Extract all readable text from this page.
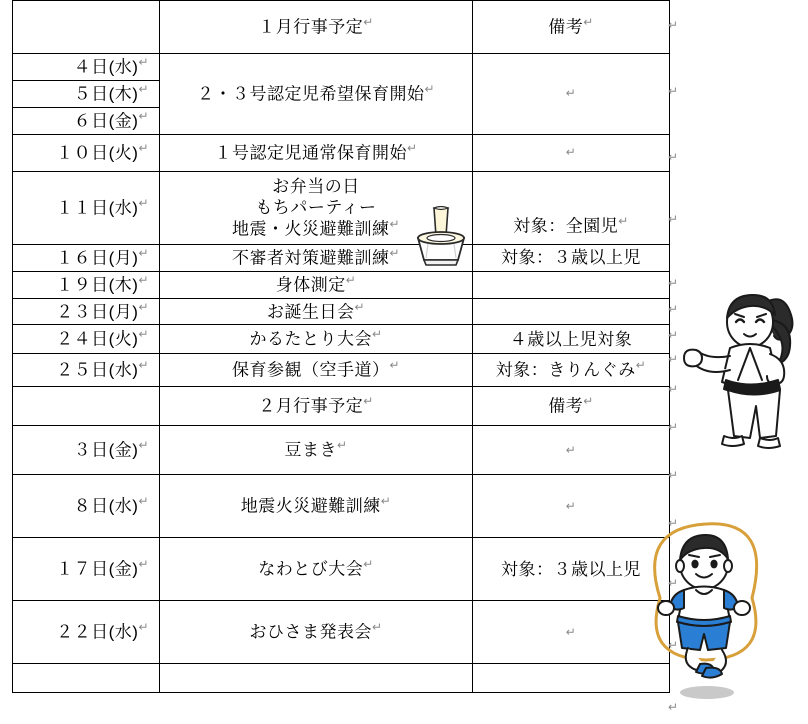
	１月行事予定↵	備考↵

４日(水)↵	２・３号認定児希望保育開始↵	↵

５日(木)↵

６日(金)↵

１０日(火)↵	１号認定児通常保育開始↵	↵

１１日(水)↵	お弁当の日
もちパーティー
地震・火災避難訓練↵	対象：全園児↵

１６日(月)↵	不審者対策避難訓練↵	対象：３歳以上児

１９日(木)↵	身体測定↵

２３日(月)↵	お誕生日会↵

２４日(火)↵	かるたとり大会↵	４歳以上児対象

２５日(水)↵	保育参観（空手道）↵	対象：きりんぐみ↵

	２月行事予定↵	備考↵

３日(金)↵	豆まき↵	↵

８日(水)↵	地震火災避難訓練↵	↵

１７日(金)↵	なわとび大会↵	対象：３歳以上児

２２日(水)↵	おひさま発表会↵	↵

↵
↵
↵
↵
↵
↵
↵
↵
↵
↵
↵
↵
↵
↵
↵
